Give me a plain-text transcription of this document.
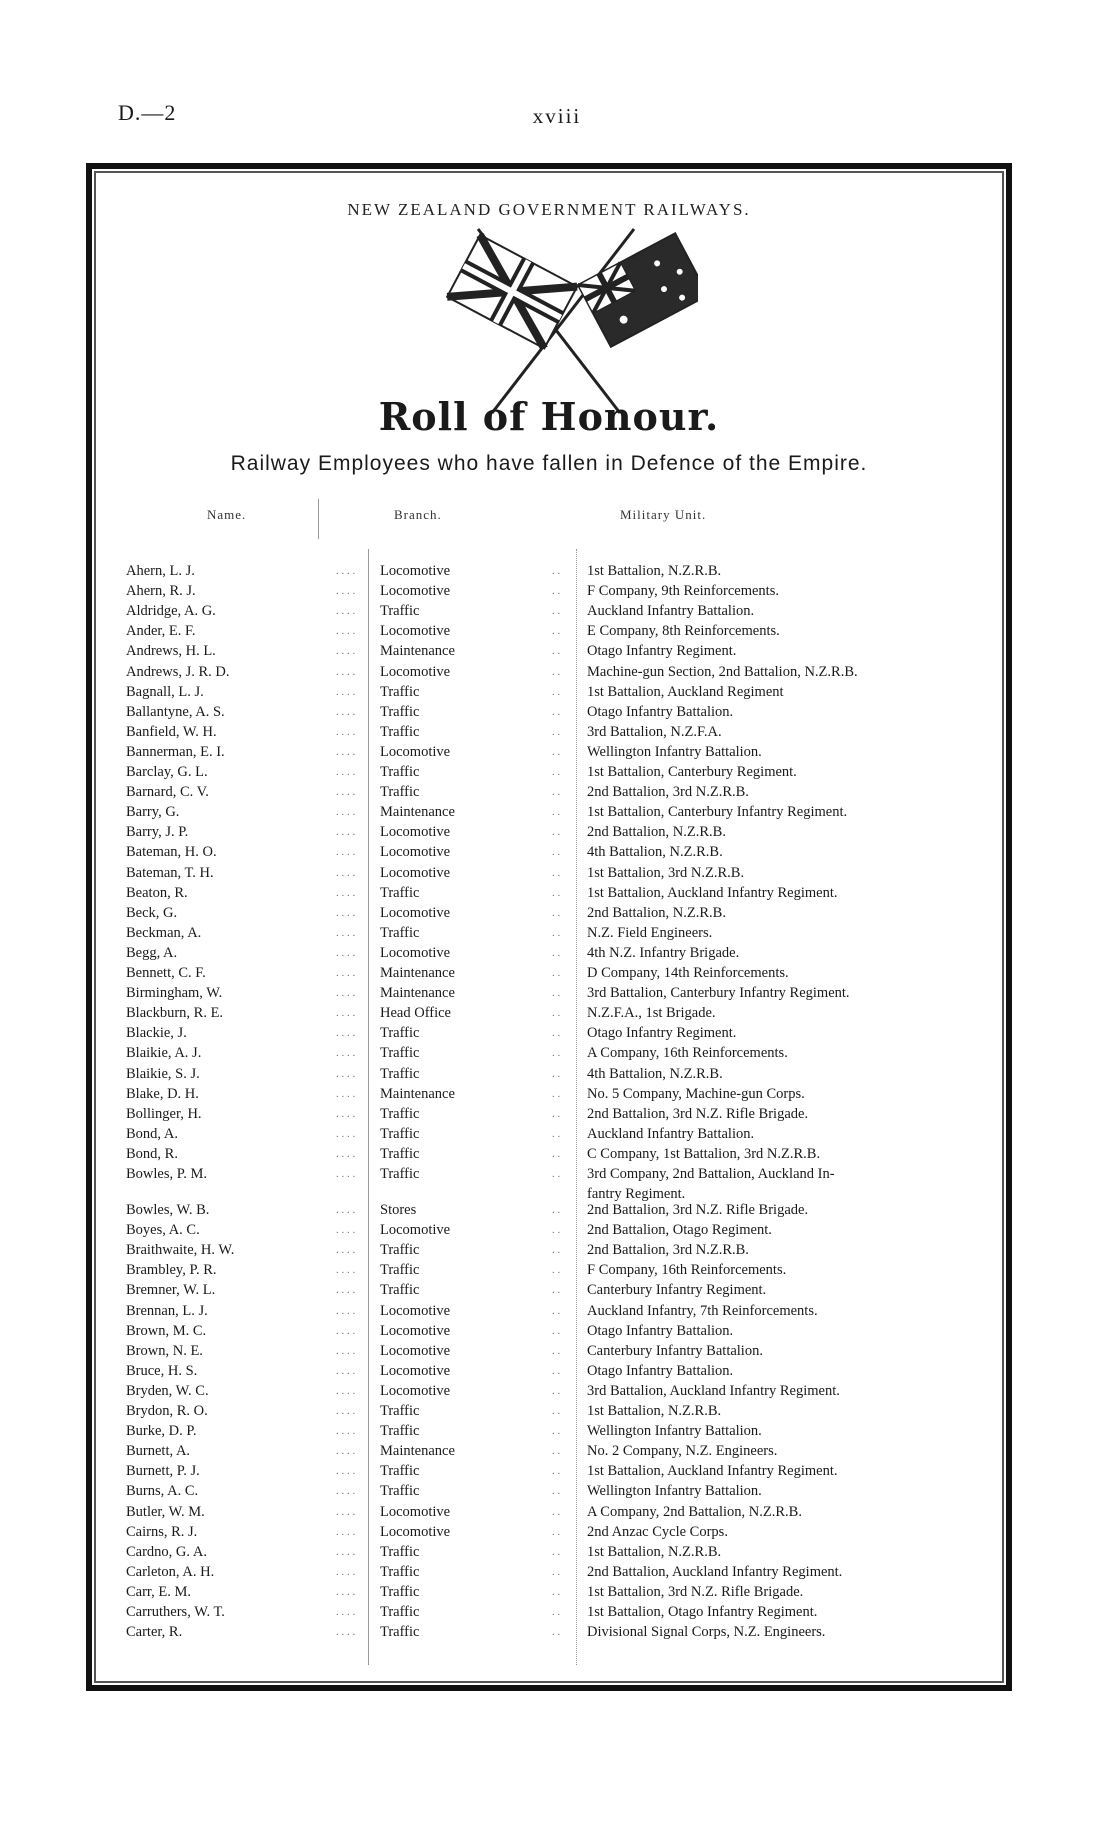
D.—2	xviii
NEW ZEALAND GOVERNMENT RAILWAYS.
Roll of Honour.
Railway Employees who have fallen in Defence of the Empire.
Name.	Branch.	Military Unit.
Ahern, L. J.	Locomotive	1st Battalion, N.Z.R.B.
. . . .	. .
Ahern, R. J.	Locomotive	F Company, 9th Reinforcements.
. . . .	. .
Aldridge, A. G.	Traffic	Auckland Infantry Battalion.
. . . .	. .
Ander, E. F.	Locomotive	E Company, 8th Reinforcements.
. . . .	. .
Andrews, H. L.	Maintenance	Otago Infantry Regiment.
. . . .	. .
Andrews, J. R. D.	Locomotive	Machine-gun Section, 2nd Battalion, N.Z.R.B.
. . . .	. .
Bagnall, L. J.	Traffic	1st Battalion, Auckland Regiment
. . . .	. .
Ballantyne, A. S.	Traffic	Otago Infantry Battalion.
. . . .	. .
Banfield, W. H.	Traffic	3rd Battalion, N.Z.F.A.
. . . .	. .
Bannerman, E. I.	Locomotive	Wellington Infantry Battalion.
. . . .	. .
Barclay, G. L.	Traffic	1st Battalion, Canterbury Regiment.
. . . .	. .
Barnard, C. V.	Traffic	2nd Battalion, 3rd N.Z.R.B.
. . . .	. .
Barry, G.	Maintenance	1st Battalion, Canterbury Infantry Regiment.
. . . .	. .
Barry, J. P.	Locomotive	2nd Battalion, N.Z.R.B.
. . . .	. .
Bateman, H. O.	Locomotive	4th Battalion, N.Z.R.B.
. . . .	. .
Bateman, T. H.	Locomotive	1st Battalion, 3rd N.Z.R.B.
. . . .	. .
Beaton, R.	Traffic	1st Battalion, Auckland Infantry Regiment.
. . . .	. .
Beck, G.	Locomotive	2nd Battalion, N.Z.R.B.
. . . .	. .
Beckman, A.	Traffic	N.Z. Field Engineers.
. . . .	. .
Begg, A.	Locomotive	4th N.Z. Infantry Brigade.
. . . .	. .
Bennett, C. F.	Maintenance	D Company, 14th Reinforcements.
. . . .	. .
Birmingham, W.	Maintenance	3rd Battalion, Canterbury Infantry Regiment.
. . . .	. .
Blackburn, R. E.	Head Office	N.Z.F.A., 1st Brigade.
. . . .	. .
Blackie, J.	Traffic	Otago Infantry Regiment.
. . . .	. .
Blaikie, A. J.	Traffic	A Company, 16th Reinforcements.
. . . .	. .
Blaikie, S. J.	Traffic	4th Battalion, N.Z.R.B.
. . . .	. .
Blake, D. H.	Maintenance	No. 5 Company, Machine-gun Corps.
. . . .	. .
Bollinger, H.	Traffic	2nd Battalion, 3rd N.Z. Rifle Brigade.
. . . .	. .
Bond, A.	Traffic	Auckland Infantry Battalion.
. . . .	. .
Bond, R.	Traffic	C Company, 1st Battalion, 3rd N.Z.R.B.
. . . .	. .
Bowles, P. M.	Traffic	3rd Company, 2nd Battalion, Auckland In-
. . . .	. .
fantry Regiment.
Bowles, W. B.	Stores	2nd Battalion, 3rd N.Z. Rifle Brigade.
. . . .	. .
Boyes, A. C.	Locomotive	2nd Battalion, Otago Regiment.
. . . .	. .
Braithwaite, H. W.	Traffic	2nd Battalion, 3rd N.Z.R.B.
. . . .	. .
Brambley, P. R.	Traffic	F Company, 16th Reinforcements.
. . . .	. .
Bremner, W. L.	Traffic	Canterbury Infantry Regiment.
. . . .	. .
Brennan, L. J.	Locomotive	Auckland Infantry, 7th Reinforcements.
. . . .	. .
Brown, M. C.	Locomotive	Otago Infantry Battalion.
. . . .	. .
Brown, N. E.	Locomotive	Canterbury Infantry Battalion.
. . . .	. .
Bruce, H. S.	Locomotive	Otago Infantry Battalion.
. . . .	. .
Bryden, W. C.	Locomotive	3rd Battalion, Auckland Infantry Regiment.
. . . .	. .
Brydon, R. O.	Traffic	1st Battalion, N.Z.R.B.
. . . .	. .
Burke, D. P.	Traffic	Wellington Infantry Battalion.
. . . .	. .
Burnett, A.	Maintenance	No. 2 Company, N.Z. Engineers.
. . . .	. .
Burnett, P. J.	Traffic	1st Battalion, Auckland Infantry Regiment.
. . . .	. .
Burns, A. C.	Traffic	Wellington Infantry Battalion.
. . . .	. .
Butler, W. M.	Locomotive	A Company, 2nd Battalion, N.Z.R.B.
. . . .	. .
Cairns, R. J.	Locomotive	2nd Anzac Cycle Corps.
. . . .	. .
Cardno, G. A.	Traffic	1st Battalion, N.Z.R.B.
. . . .	. .
Carleton, A. H.	Traffic	2nd Battalion, Auckland Infantry Regiment.
. . . .	. .
Carr, E. M.	Traffic	1st Battalion, 3rd N.Z. Rifle Brigade.
. . . .	. .
Carruthers, W. T.	Traffic	1st Battalion, Otago Infantry Regiment.
. . . .	. .
Carter, R.	Traffic	Divisional Signal Corps, N.Z. Engineers.
. . . .	. .
